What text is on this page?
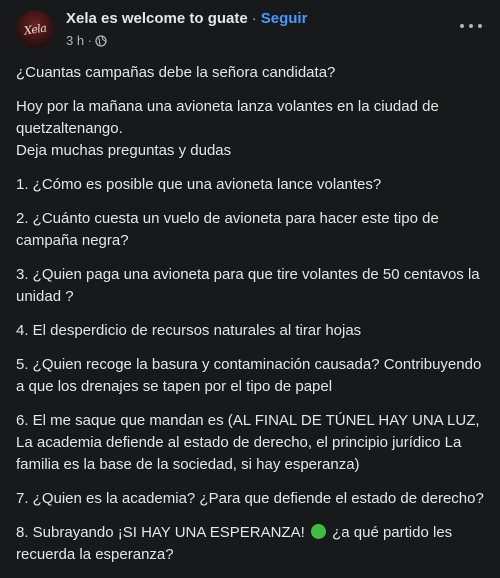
Xela
Xela es welcome to guate · Seguir
3 h ·

¿Cuantas campañas debe la señora candidata?

Hoy por la mañana una avioneta lanza volantes en la ciudad de quetzaltenango.

Deja muchas preguntas y dudas

1. ¿Cómo es posible que una avioneta lance volantes?

2. ¿Cuánto cuesta un vuelo de avioneta para hacer este tipo de campaña negra?

3. ¿Quien paga una avioneta para que tire volantes de 50 centavos la unidad ?

4. El desperdicio de recursos naturales al tirar hojas

5. ¿Quien recoge la basura y contaminación causada? Contribuyendo a que los drenajes se tapen por el tipo de papel

6. El me saque que mandan es (AL FINAL DE TÚNEL HAY UNA LUZ, La academia defiende al estado de derecho, el principio jurídico La familia es la base de la sociedad, si hay esperanza)

7. ¿Quien es la academia? ¿Para que defiende el estado de derecho?

8. Subrayando ¡SI HAY UNA ESPERANZA! ¿a qué partido les recuerda la esperanza?
